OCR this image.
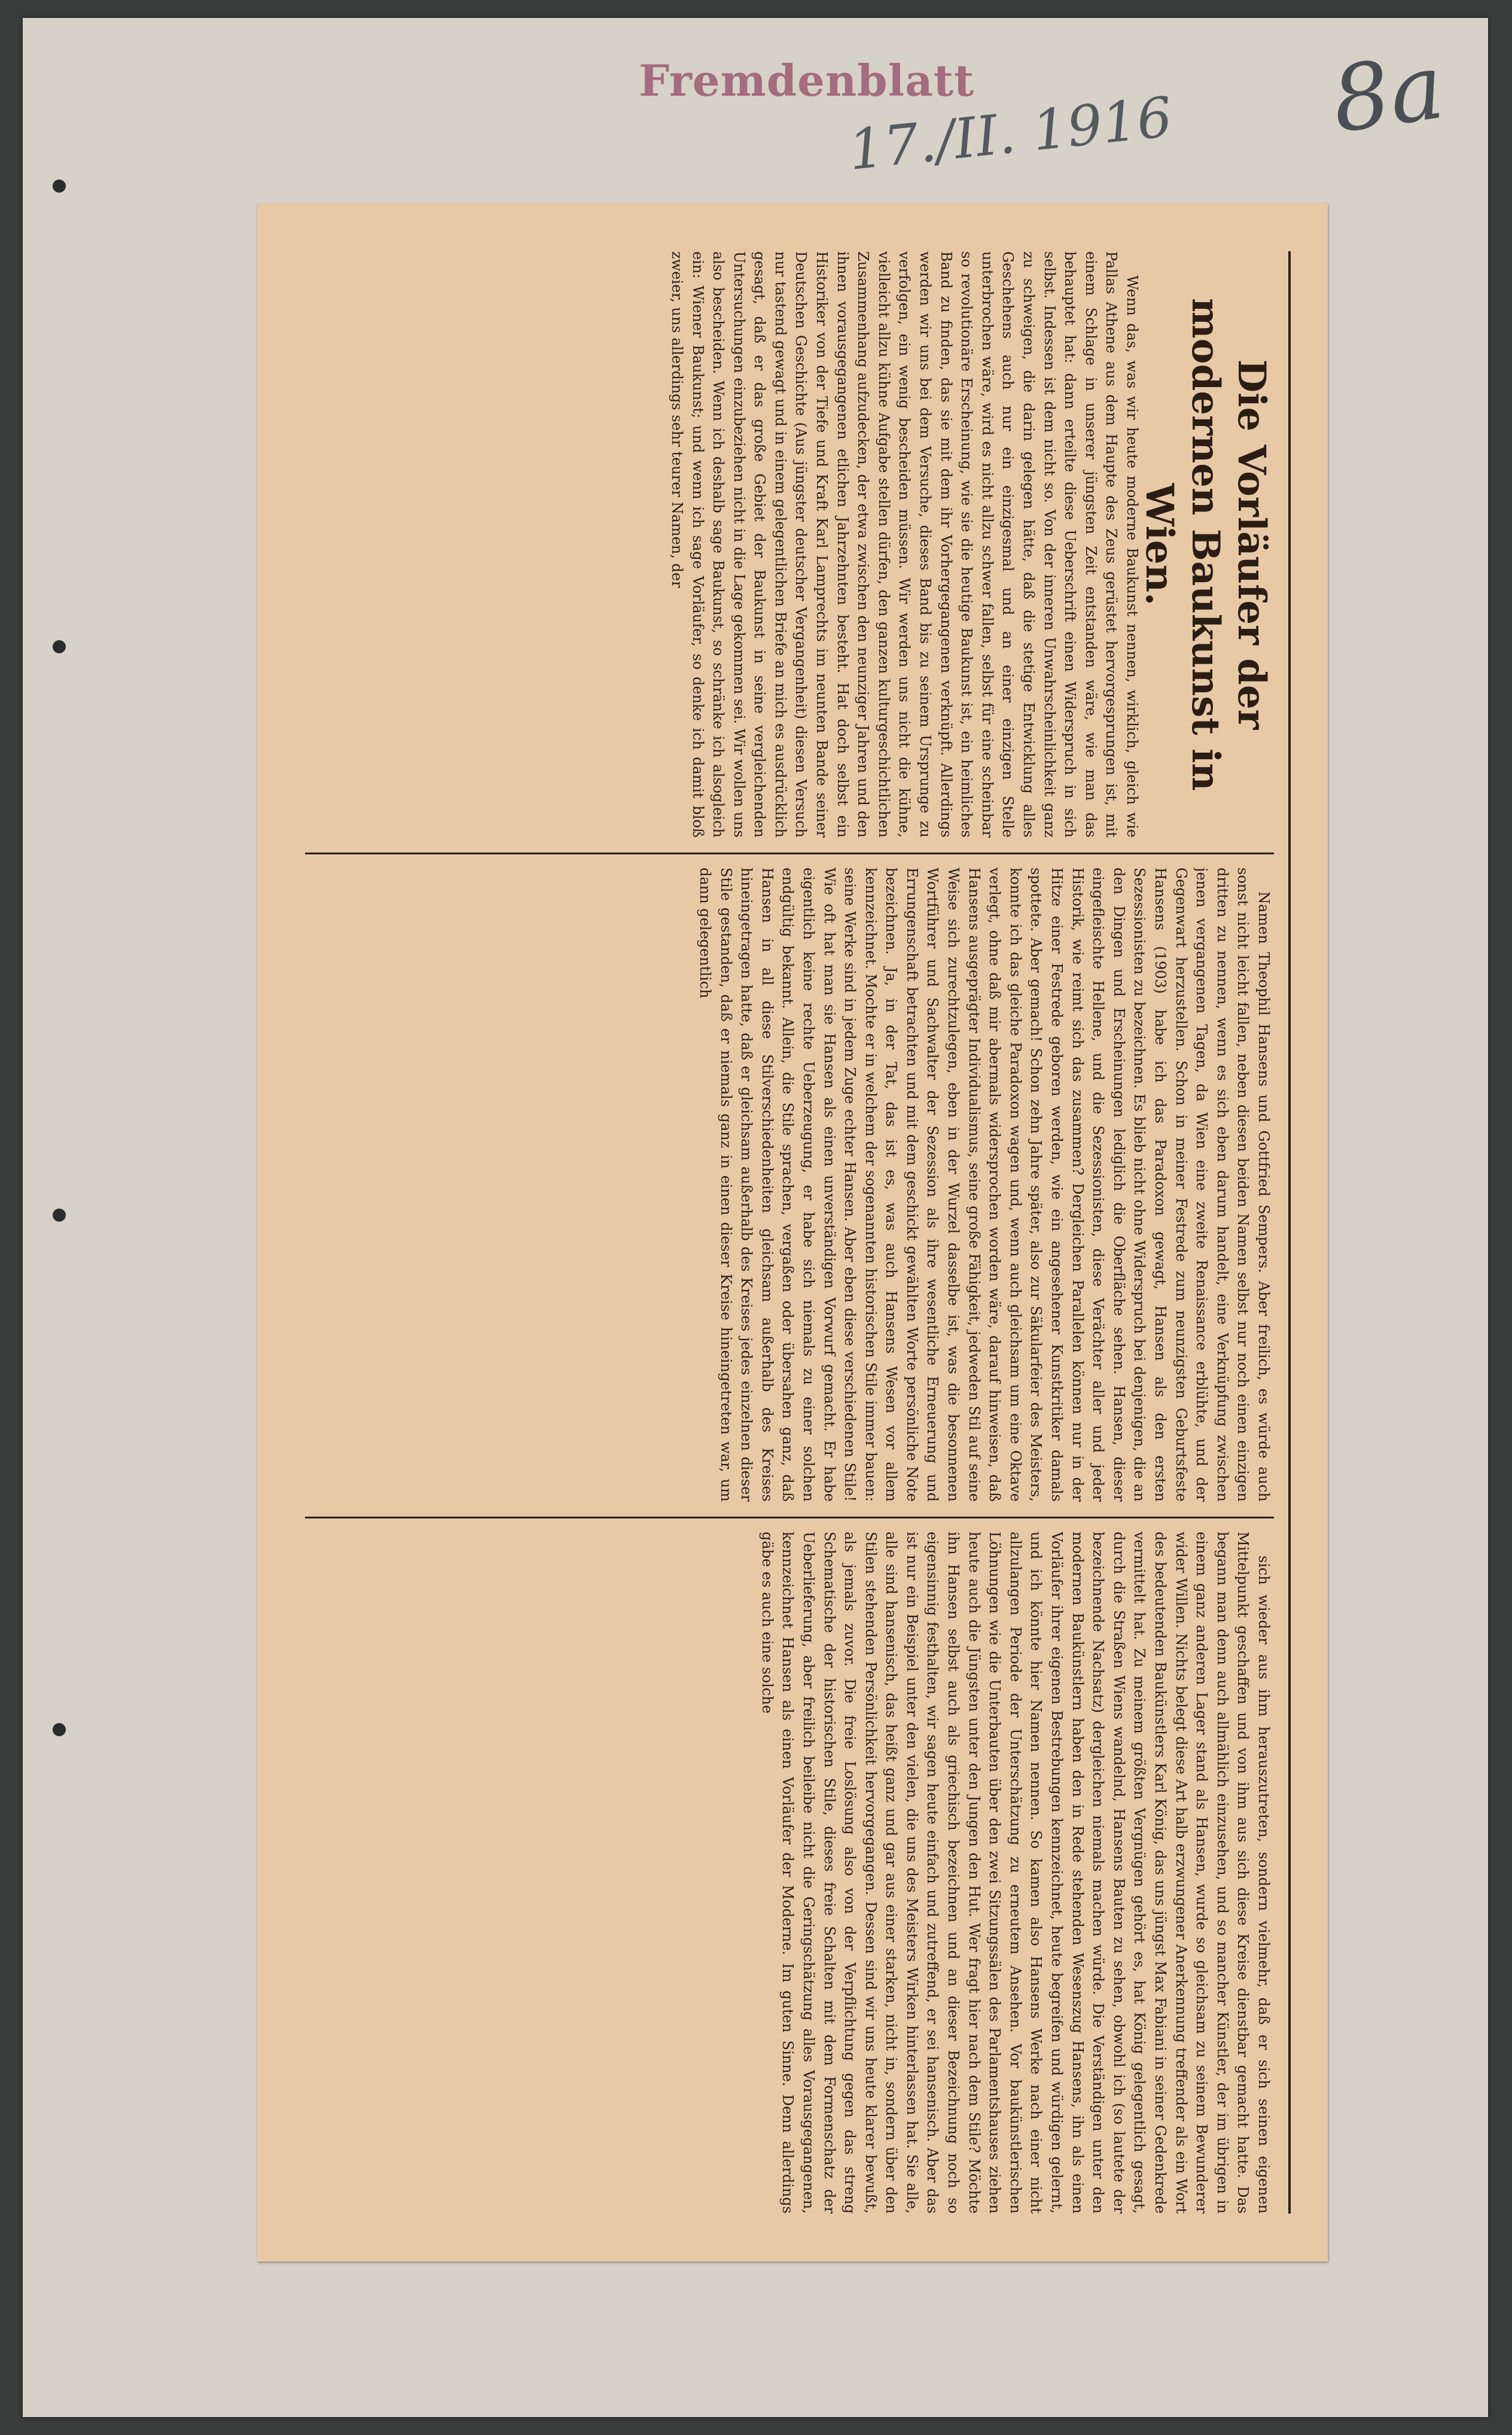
Fremdenblatt
17./II. 1916 8a
Die Vorläufer der modernen Baukunst in Wien.

Wenn das, was wir heute moderne Baukunst nennen, wirklich, gleich wie Pallas Athene aus dem Haupte des Zeus gerüstet hervorgesprungen ist, mit einem Schlage in unserer jüngsten Zeit entstanden wäre, wie man das behauptet hat: dann erteilte diese Ueberschrift einen Widerspruch in sich selbst. Indessen ist dem nicht so. Von der inneren Unwahrscheinlichkeit ganz zu schweigen, die darin gelegen hätte, daß die stetige Entwicklung alles Geschehens auch nur ein einzigesmal und an einer einzigen Stelle unterbrochen wäre, wird es nicht allzu schwer fallen, selbst für eine scheinbar so revolutionäre Erscheinung, wie sie die heutige Baukunst ist, ein heimliches Band zu finden, das sie mit dem ihr Vorhergegangenen verknüpft. Allerdings werden wir uns bei dem Versuche, dieses Band bis zu seinem Ursprunge zu verfolgen, ein wenig bescheiden müssen. Wir werden uns nicht die kühne, vielleicht allzu kühne Aufgabe stellen dürfen, den ganzen kulturgeschichtlichen Zusammenhang aufzudecken, der etwa zwischen den neunziger Jahren und den ihnen vorausgegangenen etlichen Jahrzehnten besteht. Hat doch selbst ein Historiker von der Tiefe und Kraft Karl Lamprechts im neunten Bande seiner Deutschen Geschichte (Aus jüngster deutscher Vergangenheit) diesen Versuch nur tastend gewagt und in einem gelegentlichen Briefe an mich es ausdrücklich gesagt, daß er das große Gebiet der Baukunst in seine vergleichenden Untersuchungen einzubeziehen nicht in die Lage gekommen sei. Wir wollen uns also bescheiden. Wenn ich deshalb sage Baukunst, so schränke ich alsogleich ein: Wiener Baukunst; und wenn ich sage Vorläufer, so denke ich damit bloß zweier, uns allerdings sehr teurer Namen, der

Namen Theophil Hansens und Gottfried Sempers. Aber freilich, es würde auch sonst nicht leicht fallen, neben diesen beiden Namen selbst nur noch einen einzigen dritten zu nennen, wenn es sich eben darum handelt, eine Verknüpfung zwischen jenen vergangenen Tagen, da Wien eine zweite Renaissance erblühte, und der Gegenwart herzustellen. Schon in meiner Festrede zum neunzigsten Geburtsfeste Hansens (1903) habe ich das Paradoxon gewagt, Hansen als den ersten Sezessionisten zu bezeichnen. Es blieb nicht ohne Widerspruch bei denjenigen, die an den Dingen und Erscheinungen lediglich die Oberfläche sehen. Hansen, dieser eingefleischte Hellene, und die Sezessionisten, diese Verächter aller und jeder Historik, wie reimt sich das zusammen? Dergleichen Parallelen können nur in der Hitze einer Festrede geboren werden, wie ein angesehener Kunstkritiker damals spottete. Aber gemach! Schon zehn Jahre später, also zur Säkularfeier des Meisters, konnte ich das gleiche Paradoxon wagen und, wenn auch gleichsam um eine Oktave verlegt, ohne daß mir abermals widersprochen worden wäre, darauf hinweisen, daß Hansens ausgeprägter Individualismus, seine große Fähigkeit, jedweden Stil auf seine Weise sich zurechtzulegen, eben in der Wurzel dasselbe ist, was die besonnenen Wortführer und Sachwalter der Sezession als ihre wesentliche Erneuerung und Errungenschaft betrachten und mit dem geschickt gewählten Worte persönliche Note bezeichnen. Ja, in der Tat, das ist es, was auch Hansens Wesen vor allem kennzeichnet. Mochte er in welchem der sogenannten historischen Stile immer bauen: seine Werke sind in jedem Zuge echter Hansen. Aber eben diese verschiedenen Stile! Wie oft hat man sie Hansen als einen unverständigen Vorwurf gemacht. Er habe eigentlich keine rechte Ueberzeugung, er habe sich niemals zu einer solchen endgültig bekannt. Allein, die Stile sprachen, vergaßen oder übersahen ganz, daß Hansen in all diese Stilverschiedenheiten gleichsam außerhalb des Kreises hineingetragen hatte, daß er gleichsam außerhalb des Kreises jedes einzelnen dieser Stile gestanden, daß er niemals ganz in einen dieser Kreise hineingetreten war, um dann gelegentlich

sich wieder aus ihm herauszutreten, sondern vielmehr, daß er sich seinen eigenen Mittelpunkt geschaffen und von ihm aus sich diese Kreise dienstbar gemacht hatte. Das begann man denn auch allmählich einzusehen, und so mancher Künstler, der im übrigen in einem ganz anderen Lager stand als Hansen, wurde so gleichsam zu seinem Bewunderer wider Willen. Nichts belegt diese Art halb erzwungener Anerkennung treffender als ein Wort des bedeutenden Baukünstlers Karl König, das uns jüngst Max Fabiani in seiner Gedenkrede vermittelt hat. Zu meinem größten Vergnügen gehört es, hat König gelegentlich gesagt, durch die Straßen Wiens wandelnd, Hansens Bauten zu sehen, obwohl ich (so lautete der bezeichnende Nachsatz) dergleichen niemals machen würde. Die Verständigen unter den modernen Baukünstlern haben den in Rede stehenden Wesenszug Hansens, ihn als einen Vorläufer ihrer eigenen Bestrebungen kennzeichnet, heute begreifen und würdigen gelernt, und ich könnte hier Namen nennen. So kamen also Hansens Werke nach einer nicht allzulangen Periode der Unterschätzung zu erneutem Ansehen. Vor baukünstlerischen Löhnungen wie die Unterbauten über den zwei Sitzungssälen des Parlamentshauses ziehen heute auch die Jüngsten unter den Jungen den Hut. Wer fragt hier nach dem Stile? Möchte ihn Hansen selbst auch als griechisch bezeichnen und an dieser Bezeichnung noch so eigensinnig festhalten, wir sagen heute einfach und zutreffend, er sei hansenisch. Aber das ist nur ein Beispiel unter den vielen, die uns des Meisters Wirken hinterlassen hat. Sie alle, alle sind hansenisch, das heißt ganz und gar aus einer starken, nicht in, sondern über den Stilen stehenden Persönlichkeit hervorgegangen. Dessen sind wir uns heute klarer bewußt, als jemals zuvor. Die freie Loslösung also von der Verpflichtung gegen das streng Schematische der historischen Stile, dieses freie Schalten mit dem Formenschatz der Ueberlieferung, aber freilich beileibe nicht die Geringschätzung alles Vorausgegangenen, kennzeichnet Hansen als einen Vorläufer der Moderne. Im guten Sinne. Denn allerdings gäbe es auch eine solche
